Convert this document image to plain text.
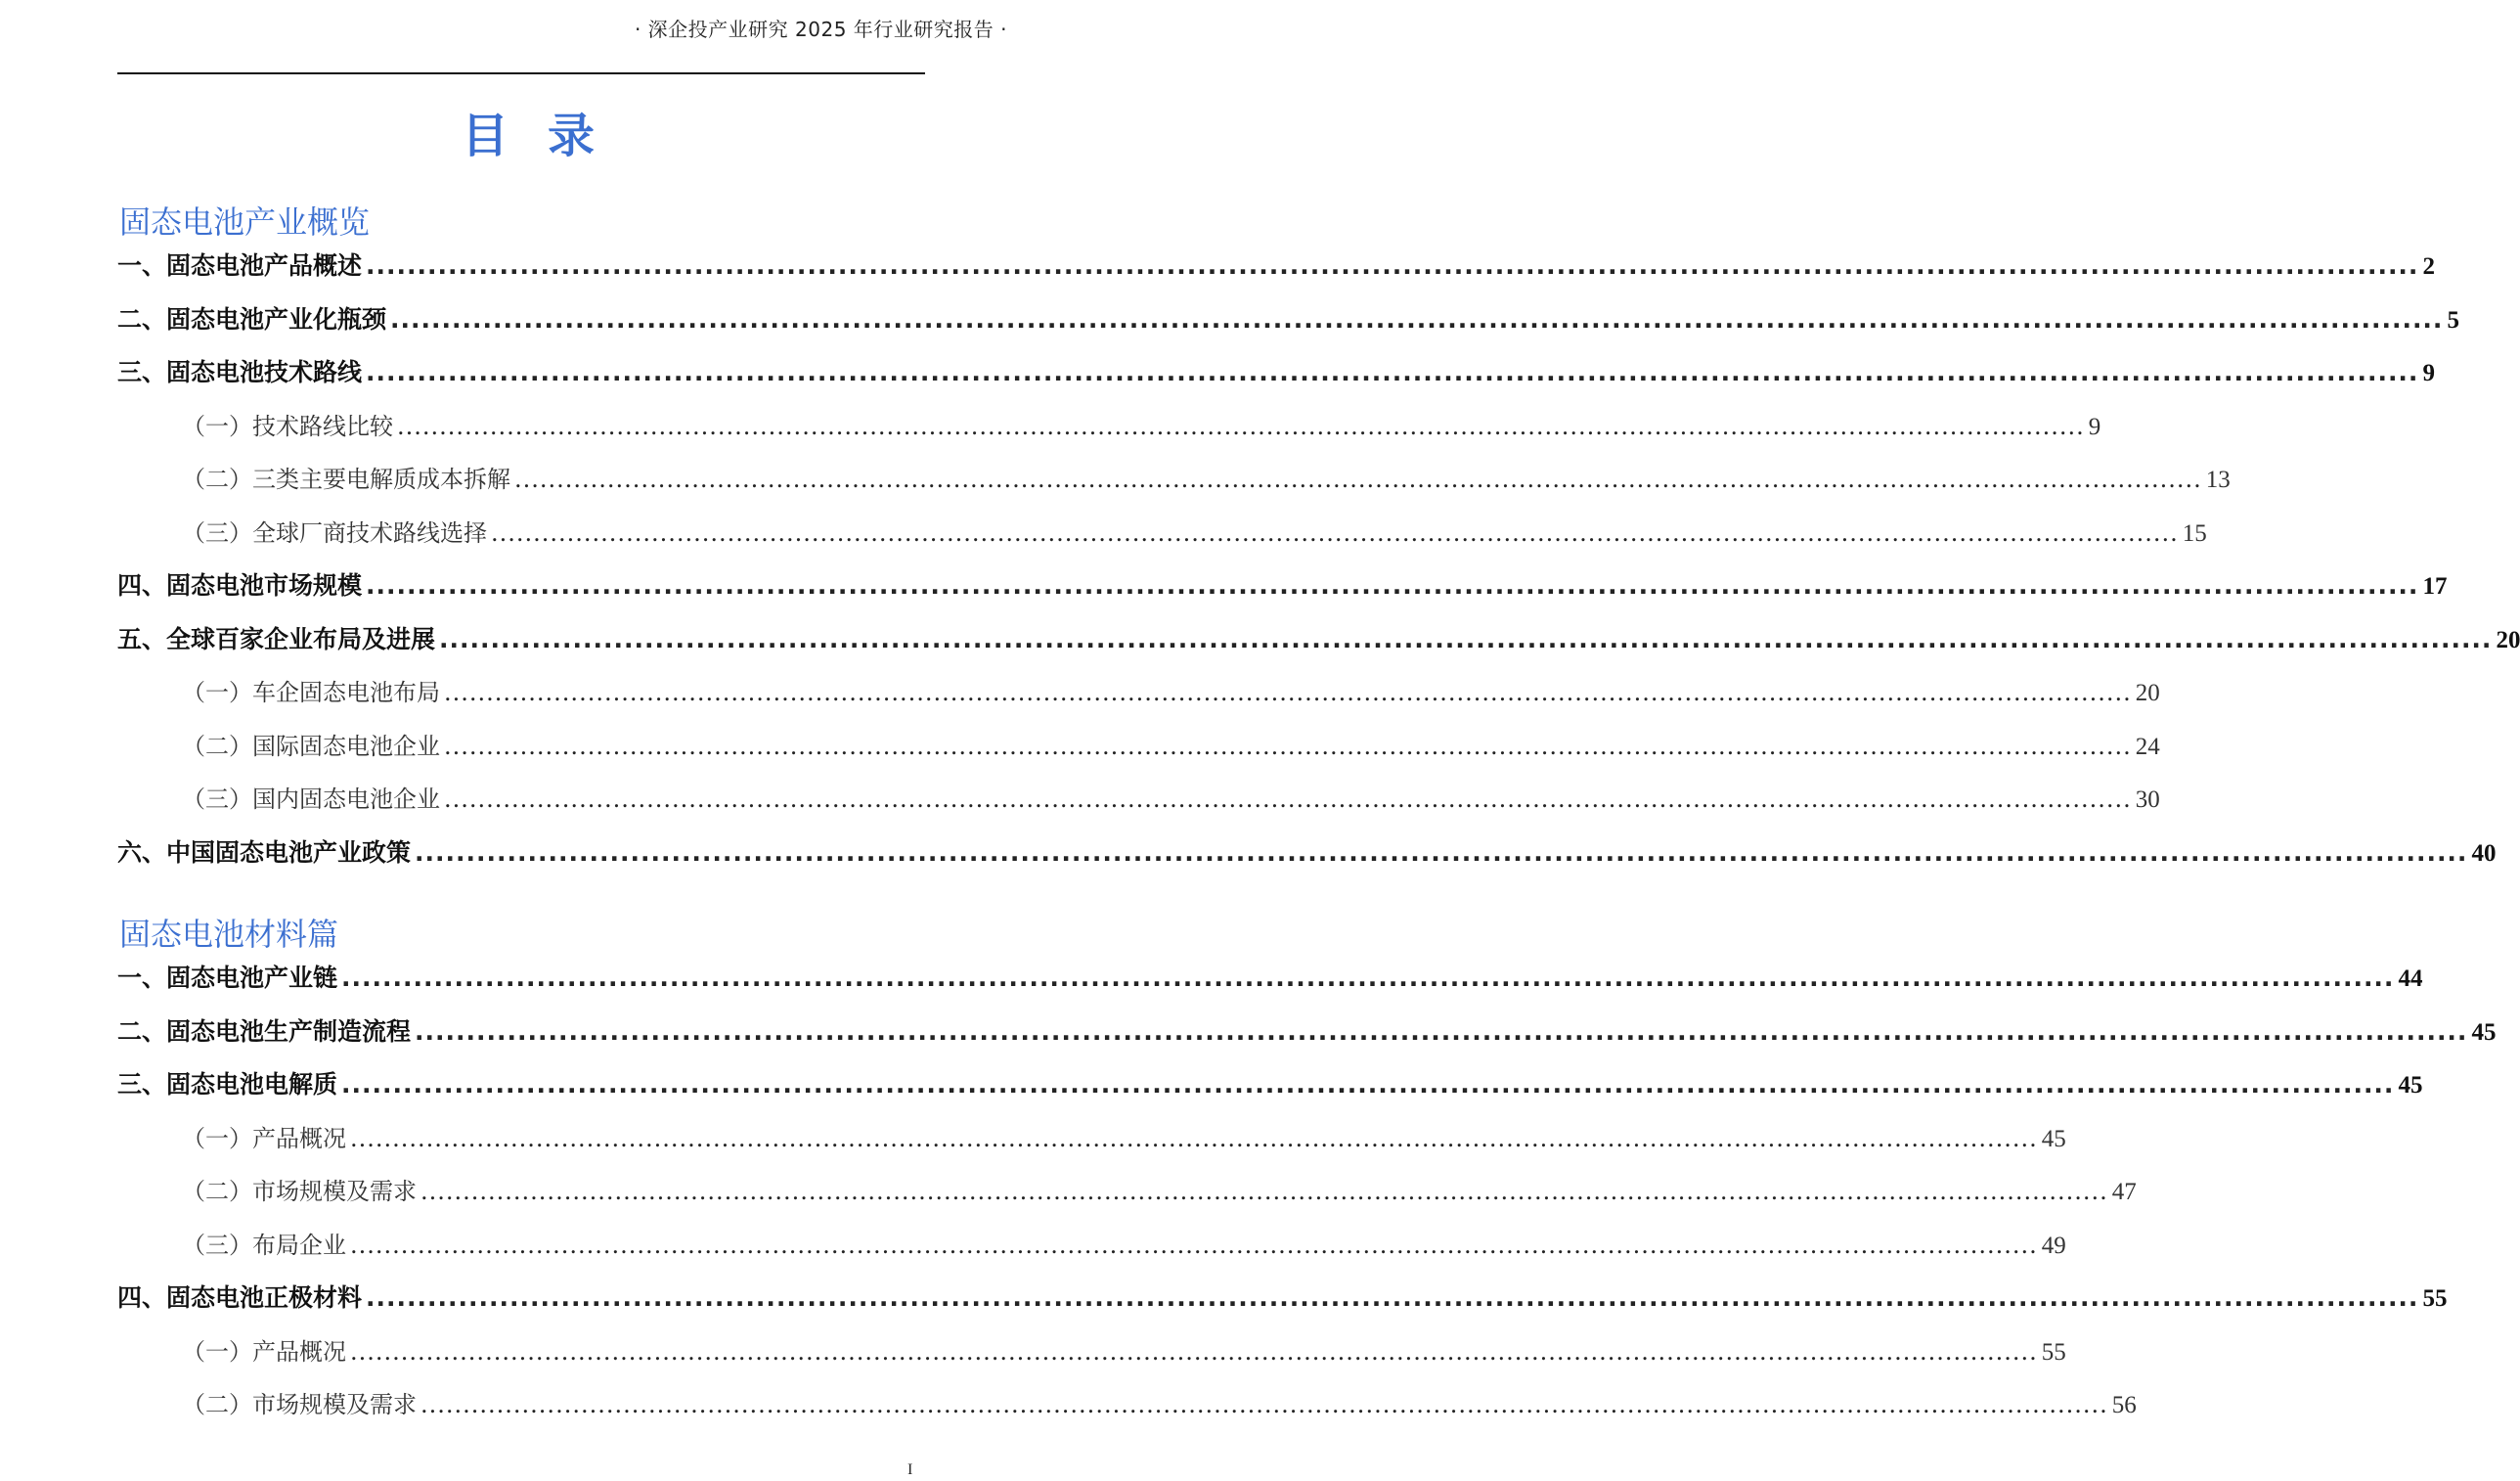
· 深企投产业研究 2025 年行业研究报告 ·
目录
固态电池产业概览
一、固态电池产品概述 ........................................................................................................................................................................................................ 2
二、固态电池产业化瓶颈 ........................................................................................................................................................................................................ 5
三、固态电池技术路线 ........................................................................................................................................................................................................ 9
（一）技术路线比较 ........................................................................................................................................................................................................ 9
（二）三类主要电解质成本拆解 ........................................................................................................................................................................................................ 13
（三）全球厂商技术路线选择 ........................................................................................................................................................................................................ 15
四、固态电池市场规模 ........................................................................................................................................................................................................ 17
五、全球百家企业布局及进展 ........................................................................................................................................................................................................ 20
（一）车企固态电池布局 ........................................................................................................................................................................................................ 20
（二）国际固态电池企业 ........................................................................................................................................................................................................ 24
（三）国内固态电池企业 ........................................................................................................................................................................................................ 30
六、中国固态电池产业政策 ........................................................................................................................................................................................................ 40
固态电池材料篇
一、固态电池产业链 ........................................................................................................................................................................................................ 44
二、固态电池生产制造流程 ........................................................................................................................................................................................................ 45
三、固态电池电解质 ........................................................................................................................................................................................................ 45
（一）产品概况 ........................................................................................................................................................................................................ 45
（二）市场规模及需求 ........................................................................................................................................................................................................ 47
（三）布局企业 ........................................................................................................................................................................................................ 49
四、固态电池正极材料 ........................................................................................................................................................................................................ 55
（一）产品概况 ........................................................................................................................................................................................................ 55
（二）市场规模及需求 ........................................................................................................................................................................................................ 56
I
